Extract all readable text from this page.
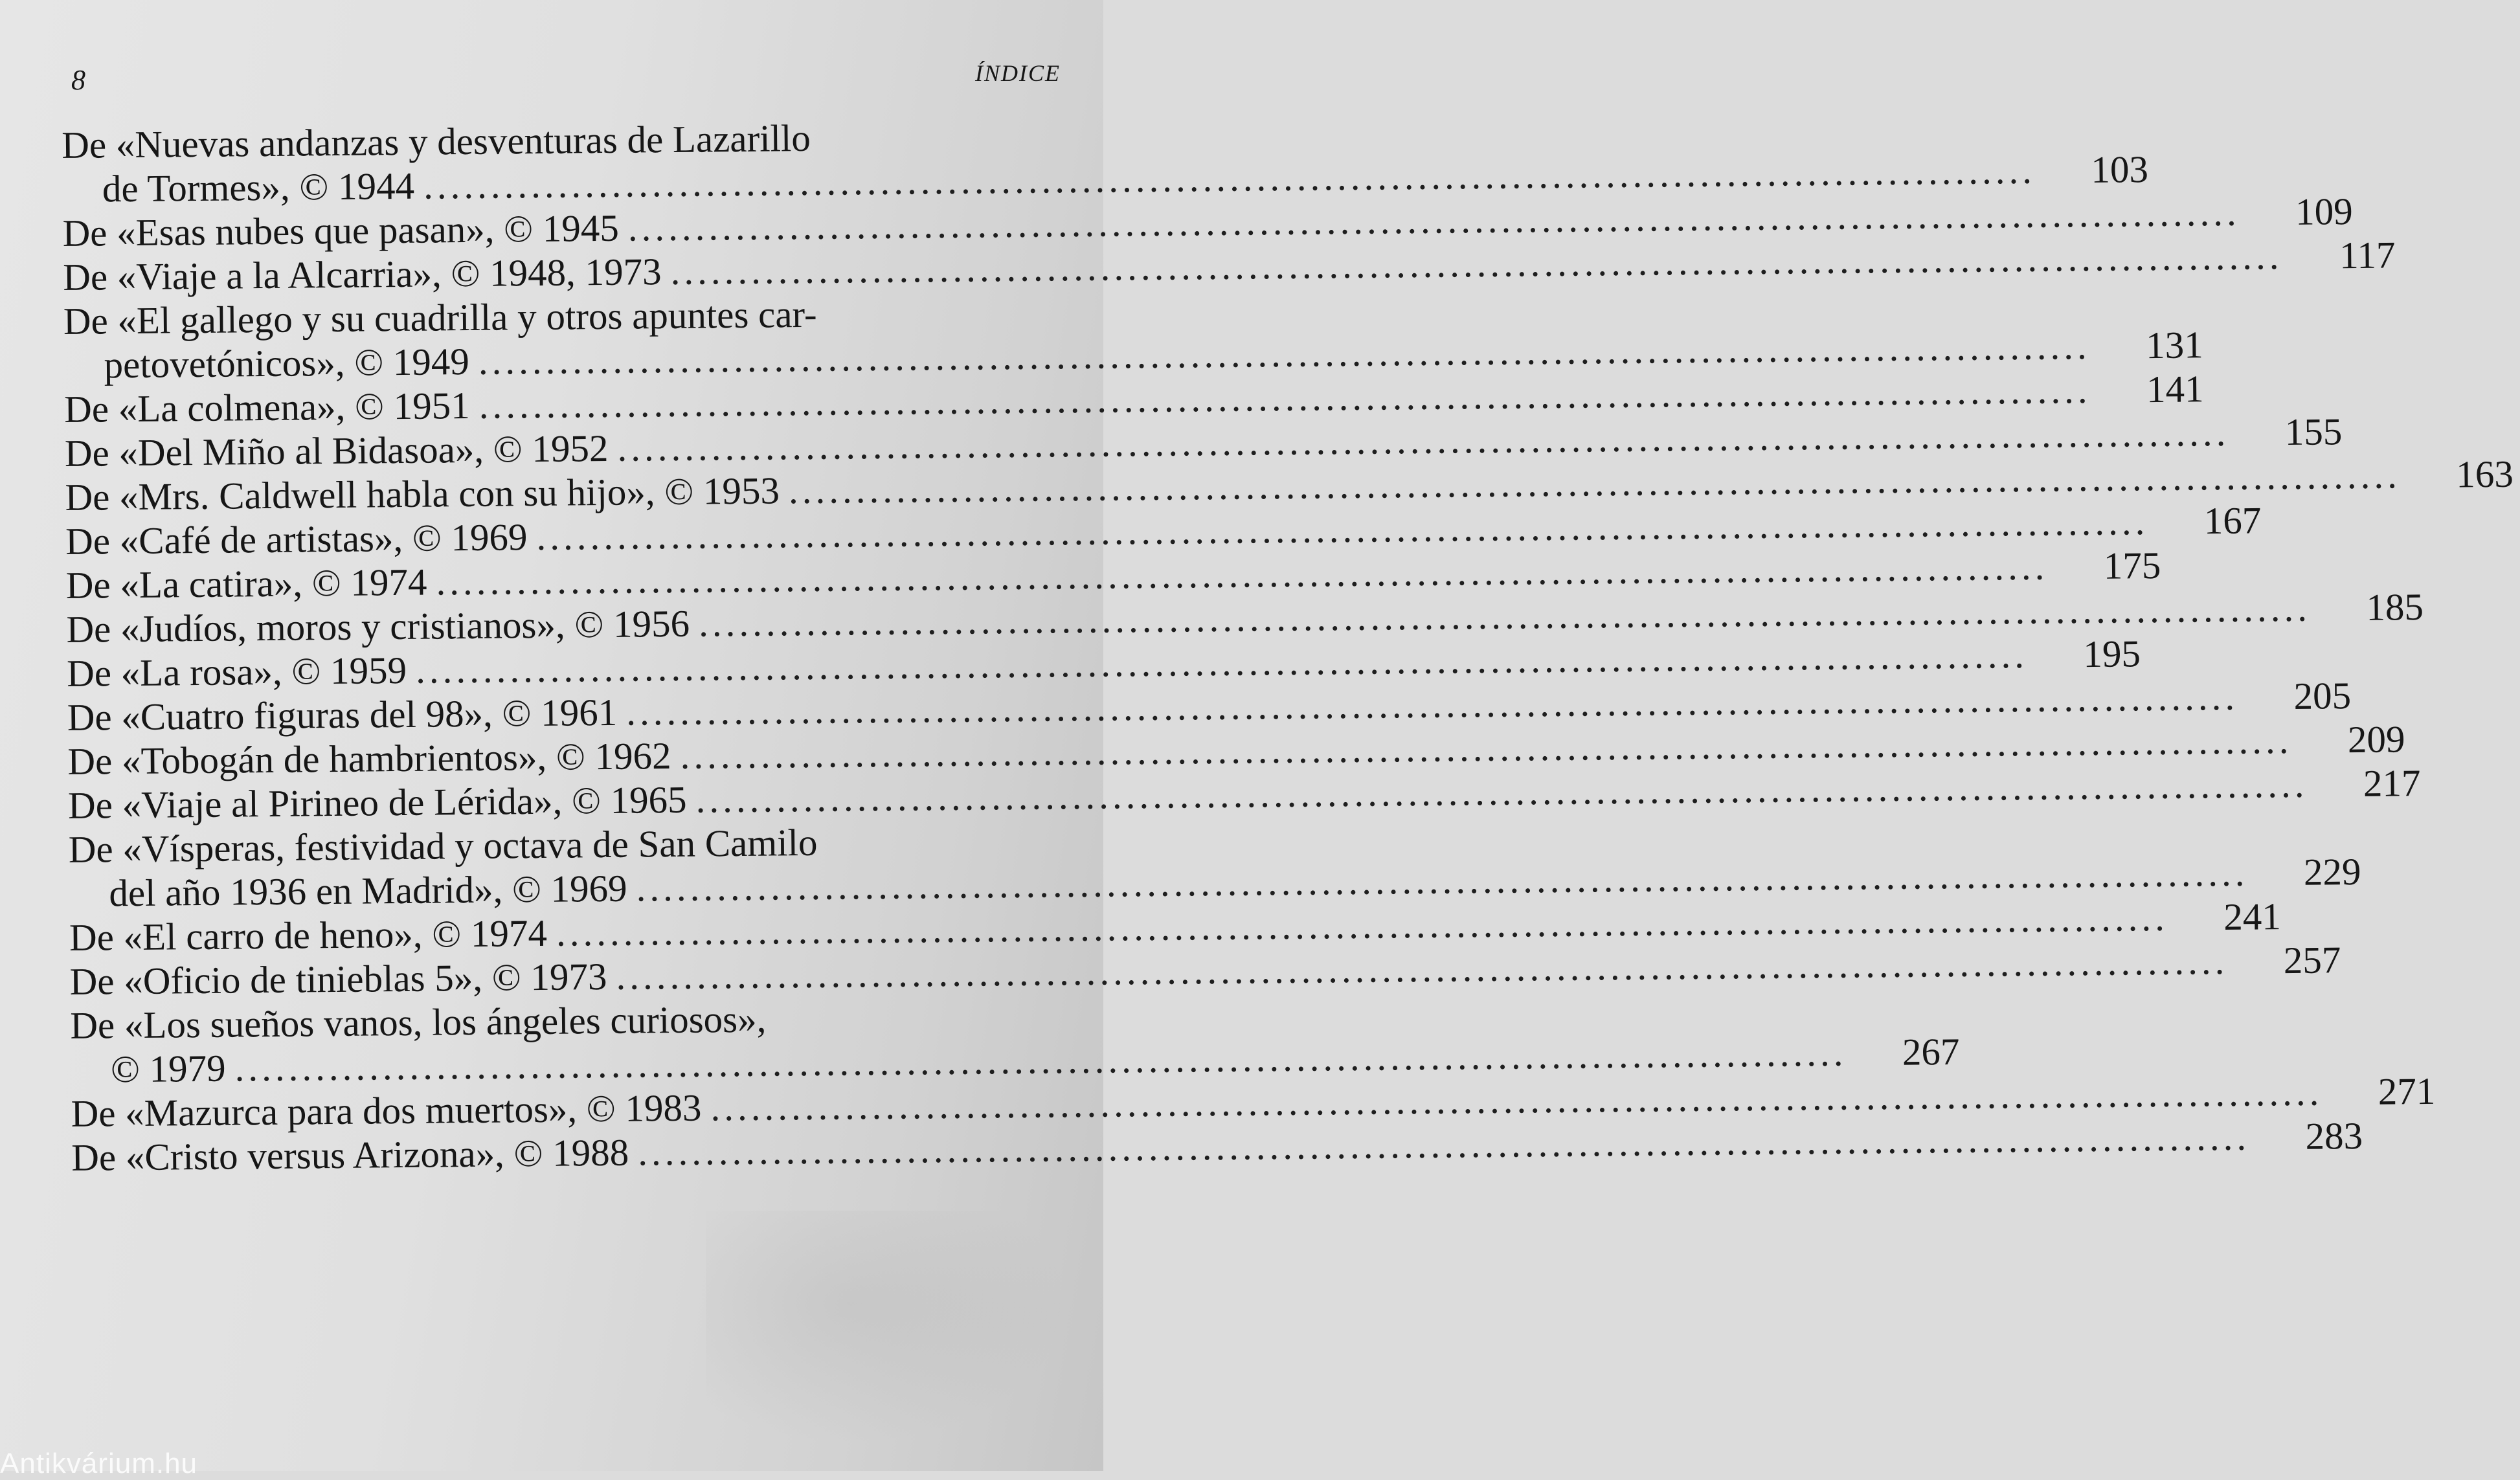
8	ÍNDICE
De «Nuevas andanzas y desventuras de Lazarillo
de Tormes», © 1944 ........................................................................................................................	103
De «Esas nubes que pasan», © 1945 ........................................................................................................................	109
De «Viaje a la Alcarria», © 1948, 1973 ........................................................................................................................	117
De «El gallego y su cuadrilla y otros apuntes car-
petovetónicos», © 1949 ........................................................................................................................	131
De «La colmena», © 1951 ........................................................................................................................	141
De «Del Miño al Bidasoa», © 1952 ........................................................................................................................	155
De «Mrs. Caldwell habla con su hijo», © 1953 ........................................................................................................................	163
De «Café de artistas», © 1969 ........................................................................................................................	167
De «La catira», © 1974 ........................................................................................................................	175
De «Judíos, moros y cristianos», © 1956 ........................................................................................................................	185
De «La rosa», © 1959 ........................................................................................................................	195
De «Cuatro figuras del 98», © 1961 ........................................................................................................................	205
De «Tobogán de hambrientos», © 1962 ........................................................................................................................	209
De «Viaje al Pirineo de Lérida», © 1965 ........................................................................................................................	217
De «Vísperas, festividad y octava de San Camilo
del año 1936 en Madrid», © 1969 ........................................................................................................................	229
De «El carro de heno», © 1974 ........................................................................................................................	241
De «Oficio de tinieblas 5», © 1973 ........................................................................................................................	257
De «Los sueños vanos, los ángeles curiosos»,
© 1979 ........................................................................................................................	267
De «Mazurca para dos muertos», © 1983 ........................................................................................................................	271
De «Cristo versus Arizona», © 1988 ........................................................................................................................	283
Antikvárium.hu
